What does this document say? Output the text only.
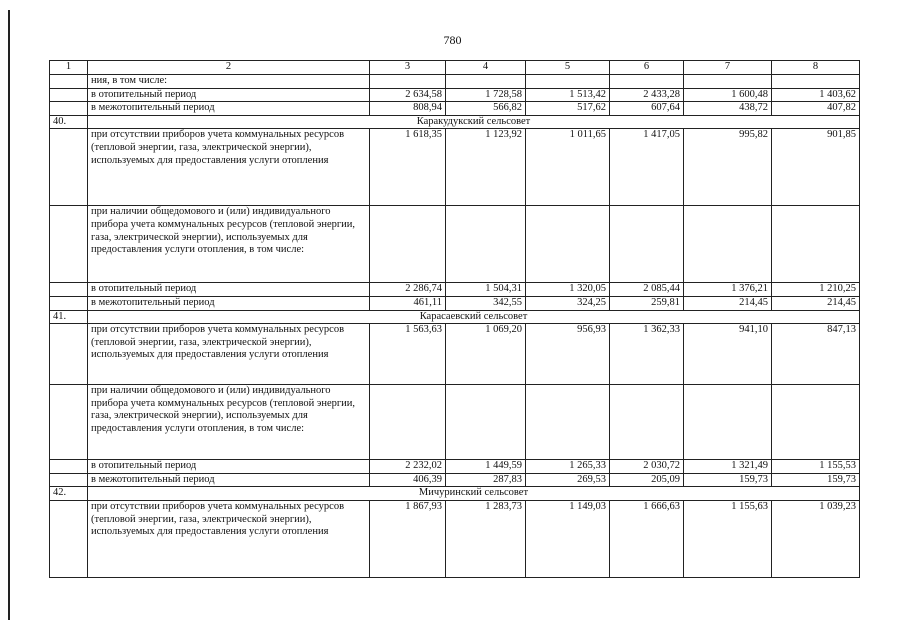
780
1	2	3	4	5	6	7	8
	ния, в том числе:						
	в отопительный период	2 634,58	1 728,58	1 513,42	2 433,28	1 600,48	1 403,62
	в межотопительный период	808,94	566,82	517,62	607,64	438,72	407,82
40.	Каракудукский сельсовет						
	при отсутствии приборов учета коммунальных ресурсов (тепловой энергии, газа, электрической энергии), используемых для предоставления услуги отопления	1 618,35	1 123,92	1 011,65	1 417,05	995,82	901,85
	при наличии общедомового и (или) индивидуального прибора учета коммунальных ресурсов (тепловой энергии, газа, электрической энергии), используемых для предоставления услуги отопления, в том числе:						
	в отопительный период	2 286,74	1 504,31	1 320,05	2 085,44	1 376,21	1 210,25
	в межотопительный период	461,11	342,55	324,25	259,81	214,45	214,45
41.	Карасаевский сельсовет						
	при отсутствии приборов учета коммунальных ресурсов (тепловой энергии, газа, электрической энергии), используемых для предоставления услуги отопления	1 563,63	1 069,20	956,93	1 362,33	941,10	847,13
	при наличии общедомового и (или) индивидуального прибора учета коммунальных ресурсов (тепловой энергии, газа, электрической энергии), используемых для предоставления услуги отопления, в том числе:						
	в отопительный период	2 232,02	1 449,59	1 265,33	2 030,72	1 321,49	1 155,53
	в межотопительный период	406,39	287,83	269,53	205,09	159,73	159,73
42.	Мичуринский сельсовет						
	при отсутствии приборов учета коммунальных ресурсов (тепловой энергии, газа, электрической энергии), используемых для предоставления услуги отопления	1 867,93	1 283,73	1 149,03	1 666,63	1 155,63	1 039,23
